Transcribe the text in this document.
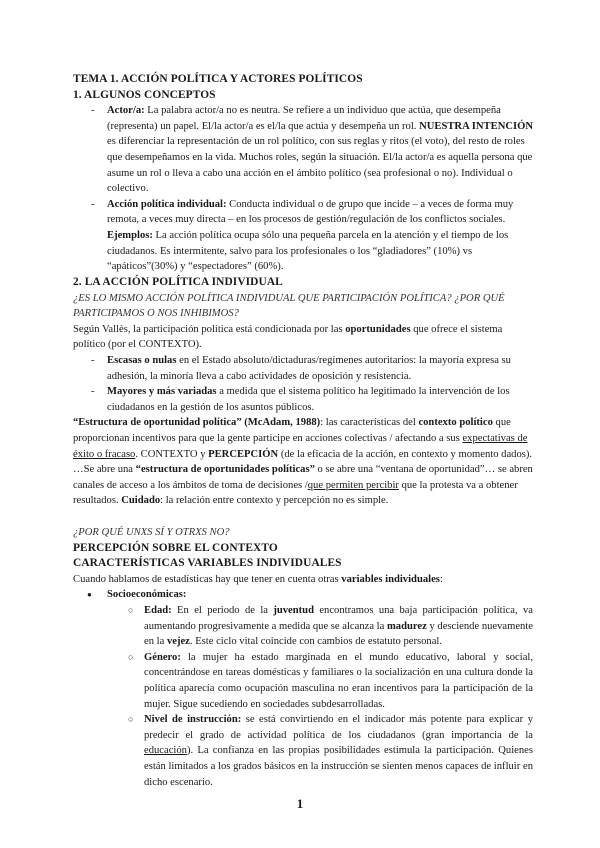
TEMA 1. ACCIÓN POLÍTICA Y ACTORES POLÍTICOS
1. ALGUNOS CONCEPTOS

- Actor/a: La palabra actor/a no es neutra. Se refiere a un individuo que actúa, que desempeña (representa) un papel. El/la actor/a es el/la que actúa y desempeña un rol. NUESTRA INTENCIÓN es diferenciar la representación de un rol político, con sus reglas y ritos (el voto), del resto de roles que desempeñamos en la vida. Muchos roles, según la situación. El/la actor/a es aquella persona que asume un rol o lleva a cabo una acción en el ámbito político (sea profesional o no). Individual o colectivo.

- Acción política individual: Conducta individual o de grupo que incide – a veces de forma muy remota, a veces muy directa – en los procesos de gestión/regulación de los conflictos sociales. Ejemplos: La acción política ocupa sólo una pequeña parcela en la atención y el tiempo de los ciudadanos. Es intermitente, salvo para los profesionales o los “gladiadores” (10%) vs “apáticos”(30%) y “espectadores” (60%).

2. LA ACCIÓN POLÍTICA INDIVIDUAL

¿ES LO MISMO ACCIÓN POLÍTICA INDIVIDUAL QUE PARTICIPACIÓN POLÍTICA? ¿POR QUÉ PARTICIPAMOS O NOS INHIBIMOS?

Según Vallès, la participación política está condicionada por las oportunidades que ofrece el sistema político (por el CONTEXTO).

- Escasas o nulas en el Estado absoluto/dictaduras/regímenes autoritarios: la mayoría expresa su adhesión, la minoría lleva a cabo actividades de oposición y resistencia.

- Mayores y más variadas a medida que el sistema político ha legitimado la intervención de los ciudadanos en la gestión de los asuntos públicos.

“Estructura de oportunidad política” (McAdam, 1988): las características del contexto político que proporcionan incentivos para que la gente participe en acciones colectivas / afectando a sus expectativas de éxito o fracaso. CONTEXTO y PERCEPCIÓN (de la eficacia de la acción, en contexto y momento dados).

…Se abre una “estructura de oportunidades políticas” o se abre una “ventana de oportunidad”… se abren canales de acceso a los ámbitos de toma de decisiones /que permiten percibir que la protesta va a obtener resultados. Cuidado: la relación entre contexto y percepción no es simple.

¿POR QUÉ UNXS SÍ Y OTRXS NO?

PERCEPCIÓN SOBRE EL CONTEXTO
CARACTERÍSTICAS VARIABLES INDIVIDUALES

Cuando hablamos de estadísticas hay que tener en cuenta otras variables individuales:

● Socioeconómicas:

○ Edad: En el periodo de la juventud encontramos una baja participación política, va aumentando progresivamente a medida que se alcanza la madurez y desciende nuevamente en la vejez. Este ciclo vital coincide con cambios de estatuto personal.

○ Género: la mujer ha estado marginada en el mundo educativo, laboral y social, concentrándose en tareas domésticas y familiares o la socialización en una cultura donde la política aparecía como ocupación masculina no eran incentivos para la participación de la mujer. Sigue sucediendo en sociedades subdesarrolladas.

○ Nivel de instrucción: se está convirtiendo en el indicador más potente para explicar y predecir el grado de actividad política de los ciudadanos (gran importancia de la educación). La confianza en las propias posibilidades estimula la participación. Quienes están limitados a los grados básicos en la instrucción se sienten menos capaces de influir en dicho escenario.

1
